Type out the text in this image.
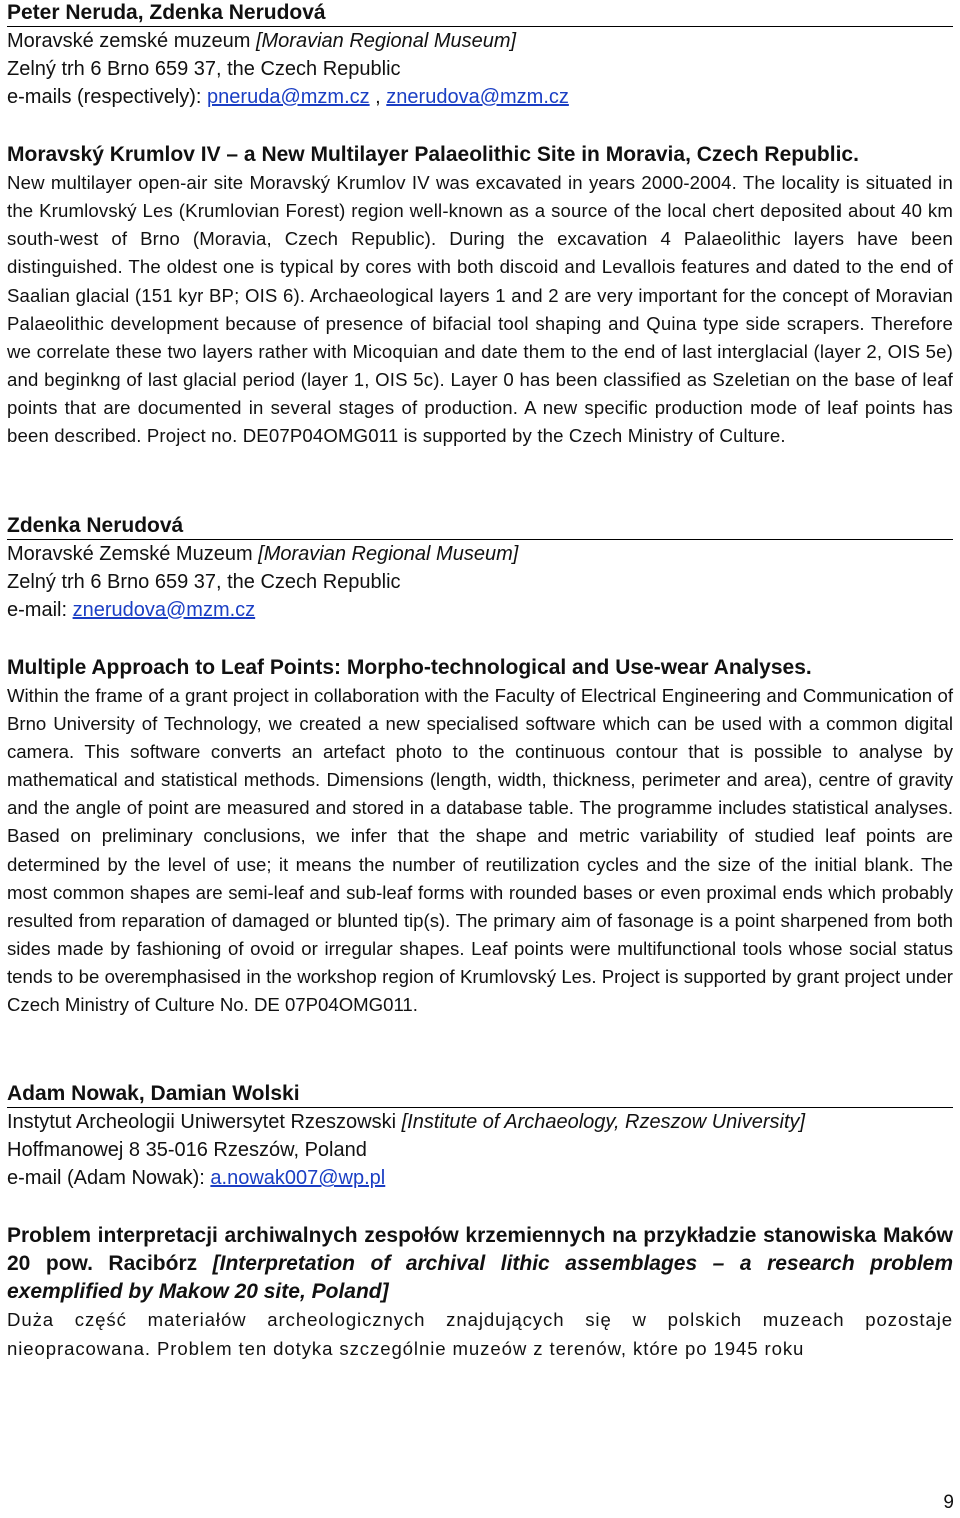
Peter Neruda, Zdenka Nerudová

Moravské zemské muzeum [Moravian Regional Museum]

Zelný trh 6 Brno 659 37, the Czech Republic

e-mails (respectively): pneruda@mzm.cz , znerudova@mzm.cz

Moravský Krumlov IV – a New Multilayer Palaeolithic Site in Moravia, Czech Republic.

New multilayer open-air site Moravský Krumlov IV was excavated in years 2000-2004. The locality is situated in the Krumlovský Les (Krumlovian Forest) region well-known as a source of the local chert deposited about 40 km south-west of Brno (Moravia, Czech Republic). During the excavation 4 Palaeolithic layers have been distinguished. The oldest one is typical by cores with both discoid and Levallois features and dated to the end of Saalian glacial (151 kyr BP; OIS 6). Archaeological layers 1 and 2 are very important for the concept of Moravian Palaeolithic development because of presence of bifacial tool shaping and Quina type side scrapers. Therefore we correlate these two layers rather with Micoquian and date them to the end of last interglacial (layer 2, OIS 5e) and beginkng of last glacial period (layer 1, OIS 5c). Layer 0 has been classified as Szeletian on the base of leaf points that are documented in several stages of production. A new specific production mode of leaf points has been described. Project no. DE07P04OMG011 is supported by the Czech Ministry of Culture.

Zdenka Nerudová

Moravské Zemské Muzeum [Moravian Regional Museum]

Zelný trh 6 Brno 659 37, the Czech Republic

e-mail: znerudova@mzm.cz

Multiple Approach to Leaf Points: Morpho-technological and Use-wear Analyses.

Within the frame of a grant project in collaboration with the Faculty of Electrical Engineering and Communication of Brno University of Technology, we created a new specialised software which can be used with a common digital camera. This software converts an artefact photo to the continuous contour that is possible to analyse by mathematical and statistical methods. Dimensions (length, width, thickness, perimeter and area), centre of gravity and the angle of point are measured and stored in a database table. The programme includes statistical analyses. Based on preliminary conclusions, we infer that the shape and metric variability of studied leaf points are determined by the level of use; it means the number of reutilization cycles and the size of the initial blank. The most common shapes are semi-leaf and sub-leaf forms with rounded bases or even proximal ends which probably resulted from reparation of damaged or blunted tip(s). The primary aim of fasonage is a point sharpened from both sides made by fashioning of ovoid or irregular shapes. Leaf points were multifunctional tools whose social status tends to be overemphasised in the workshop region of Krumlovský Les. Project is supported by grant project under Czech Ministry of Culture No. DE 07P04OMG011.

Adam Nowak, Damian Wolski

Instytut Archeologii Uniwersytet Rzeszowski [Institute of Archaeology, Rzeszow University]

Hoffmanowej 8 35-016 Rzeszów, Poland

e-mail (Adam Nowak): a.nowak007@wp.pl

Problem interpretacji archiwalnych zespołów krzemiennych na przykładzie stanowiska Maków 20 pow. Racibórz [Interpretation of archival lithic assemblages – a research problem exemplified by Makow 20 site, Poland]

Duża część materiałów archeologicznych znajdujących się w polskich muzeach pozostaje nieopracowana. Problem ten dotyka szczególnie muzeów z terenów, które po 1945 roku

9
